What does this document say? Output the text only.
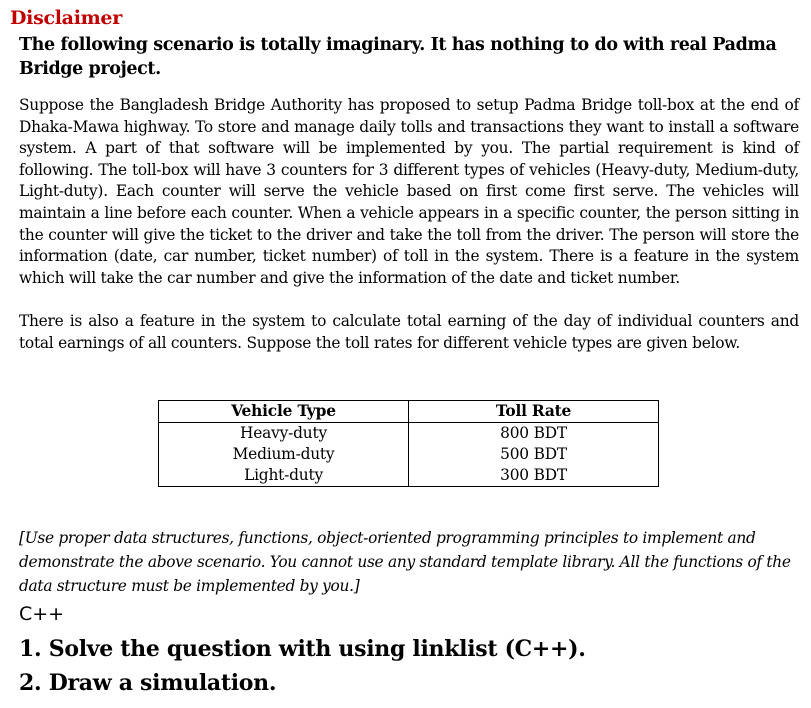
Disclaimer

The following scenario is totally imaginary. It has nothing to do with real Padma Bridge project.

Suppose the Bangladesh Bridge Authority has proposed to setup Padma Bridge toll-box at the end of Dhaka-Mawa highway. To store and manage daily tolls and transactions they want to install a software system. A part of that software will be implemented by you. The partial requirement is kind of following. The toll-box will have 3 counters for 3 different types of vehicles (Heavy-duty, Medium-duty, Light-duty). Each counter will serve the vehicle based on first come first serve. The vehicles will maintain a line before each counter. When a vehicle appears in a specific counter, the person sitting in the counter will give the ticket to the driver and take the toll from the driver. The person will store the information (date, car number, ticket number) of toll in the system. There is a feature in the system which will take the car number and give the information of the date and ticket number.

There is also a feature in the system to calculate total earning of the day of individual counters and total earnings of all counters. Suppose the toll rates for different vehicle types are given below.

Vehicle Type	Toll Rate
Heavy-duty	800 BDT
Medium-duty	500 BDT
Light-duty	300 BDT

[Use proper data structures, functions, object-oriented programming principles to implement and demonstrate the above scenario. You cannot use any standard template library. All the functions of the data structure must be implemented by you.]

C++

1. Solve the question with using linklist (C++).

2. Draw a simulation.
